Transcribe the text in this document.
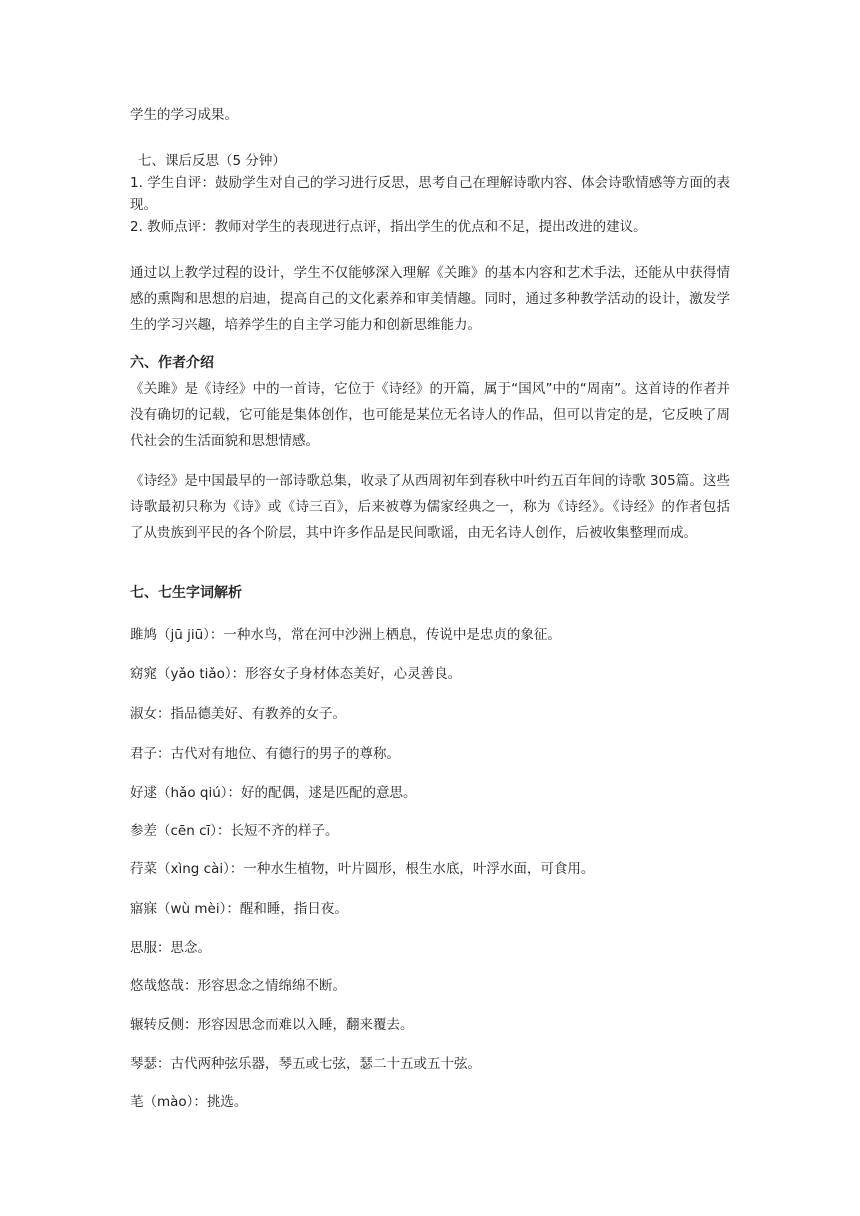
学生的学习成果。

七、课后反思（5 分钟）

1. 学生自评：鼓励学生对自己的学习进行反思，思考自己在理解诗歌内容、体会诗歌情感等方面的表现。

2. 教师点评：教师对学生的表现进行点评，指出学生的优点和不足，提出改进的建议。

通过以上教学过程的设计，学生不仅能够深入理解《关雎》的基本内容和艺术手法，还能从中获得情感的熏陶和思想的启迪，提高自己的文化素养和审美情趣。同时，通过多种教学活动的设计，激发学生的学习兴趣，培养学生的自主学习能力和创新思维能力。

六、作者介绍

《关雎》是《诗经》中的一首诗，它位于《诗经》的开篇，属于“国风”中的“周南”。这首诗的作者并没有确切的记载，它可能是集体创作，也可能是某位无名诗人的作品，但可以肯定的是，它反映了周代社会的生活面貌和思想情感。

《诗经》是中国最早的一部诗歌总集，收录了从西周初年到春秋中叶约五百年间的诗歌 305篇。这些诗歌最初只称为《诗》或《诗三百》，后来被尊为儒家经典之一，称为《诗经》。《诗经》的作者包括了从贵族到平民的各个阶层，其中许多作品是民间歌谣，由无名诗人创作，后被收集整理而成。

七、七生字词解析

雎鸠（jū jiū）：一种水鸟，常在河中沙洲上栖息，传说中是忠贞的象征。

窈窕（yǎo tiǎo）：形容女子身材体态美好，心灵善良。

淑女：指品德美好、有教养的女子。

君子：古代对有地位、有德行的男子的尊称。

好逑（hǎo qiú）：好的配偶，逑是匹配的意思。

参差（cēn cī）：长短不齐的样子。

荇菜（xìng cài）：一种水生植物，叶片圆形，根生水底，叶浮水面，可食用。

寤寐（wù mèi）：醒和睡，指日夜。

思服：思念。

悠哉悠哉：形容思念之情绵绵不断。

辗转反侧：形容因思念而难以入睡，翻来覆去。

琴瑟：古代两种弦乐器，琴五或七弦，瑟二十五或五十弦。

芼（mào）：挑选。
